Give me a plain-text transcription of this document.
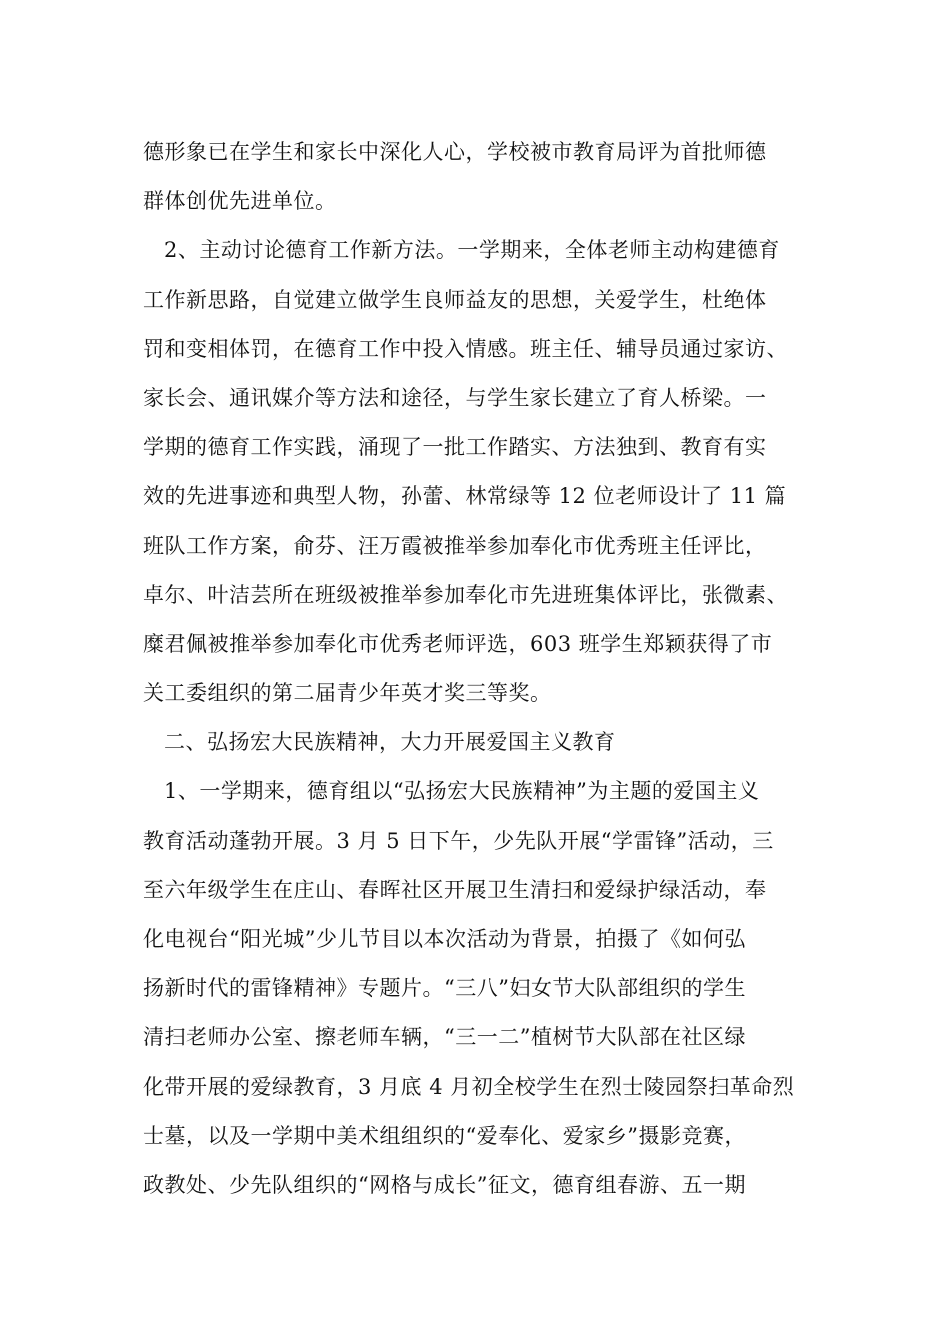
德形象已在学生和家长中深化人心，学校被市教育局评为首批师德
群体创优先进单位。
2、主动讨论德育工作新方法。一学期来，全体老师主动构建德育
工作新思路，自觉建立做学生良师益友的思想，关爱学生，杜绝体
罚和变相体罚，在德育工作中投入情感。班主任、辅导员通过家访、
家长会、通讯媒介等方法和途径，与学生家长建立了育人桥梁。一
学期的德育工作实践，涌现了一批工作踏实、方法独到、教育有实
效的先进事迹和典型人物，孙蕾、林常绿等 12 位老师设计了 11 篇
班队工作方案，俞芬、汪万霞被推举参加奉化市优秀班主任评比，
卓尔、叶洁芸所在班级被推举参加奉化市先进班集体评比，张微素、
糜君佩被推举参加奉化市优秀老师评选，603 班学生郑颖获得了市
关工委组织的第二届青少年英才奖三等奖。
二、弘扬宏大民族精神，大力开展爱国主义教育
1、一学期来，德育组以“弘扬宏大民族精神”为主题的爱国主义
教育活动蓬勃开展。3 月 5 日下午，少先队开展“学雷锋”活动，三
至六年级学生在庄山、春晖社区开展卫生清扫和爱绿护绿活动，奉
化电视台“阳光城”少儿节目以本次活动为背景，拍摄了《如何弘
扬新时代的雷锋精神》专题片。“三八”妇女节大队部组织的学生
清扫老师办公室、擦老师车辆，“三一二”植树节大队部在社区绿
化带开展的爱绿教育，3 月底 4 月初全校学生在烈士陵园祭扫革命烈
士墓，以及一学期中美术组组织的“爱奉化、爱家乡”摄影竞赛，
政教处、少先队组织的“网格与成长”征文，德育组春游、五一期
